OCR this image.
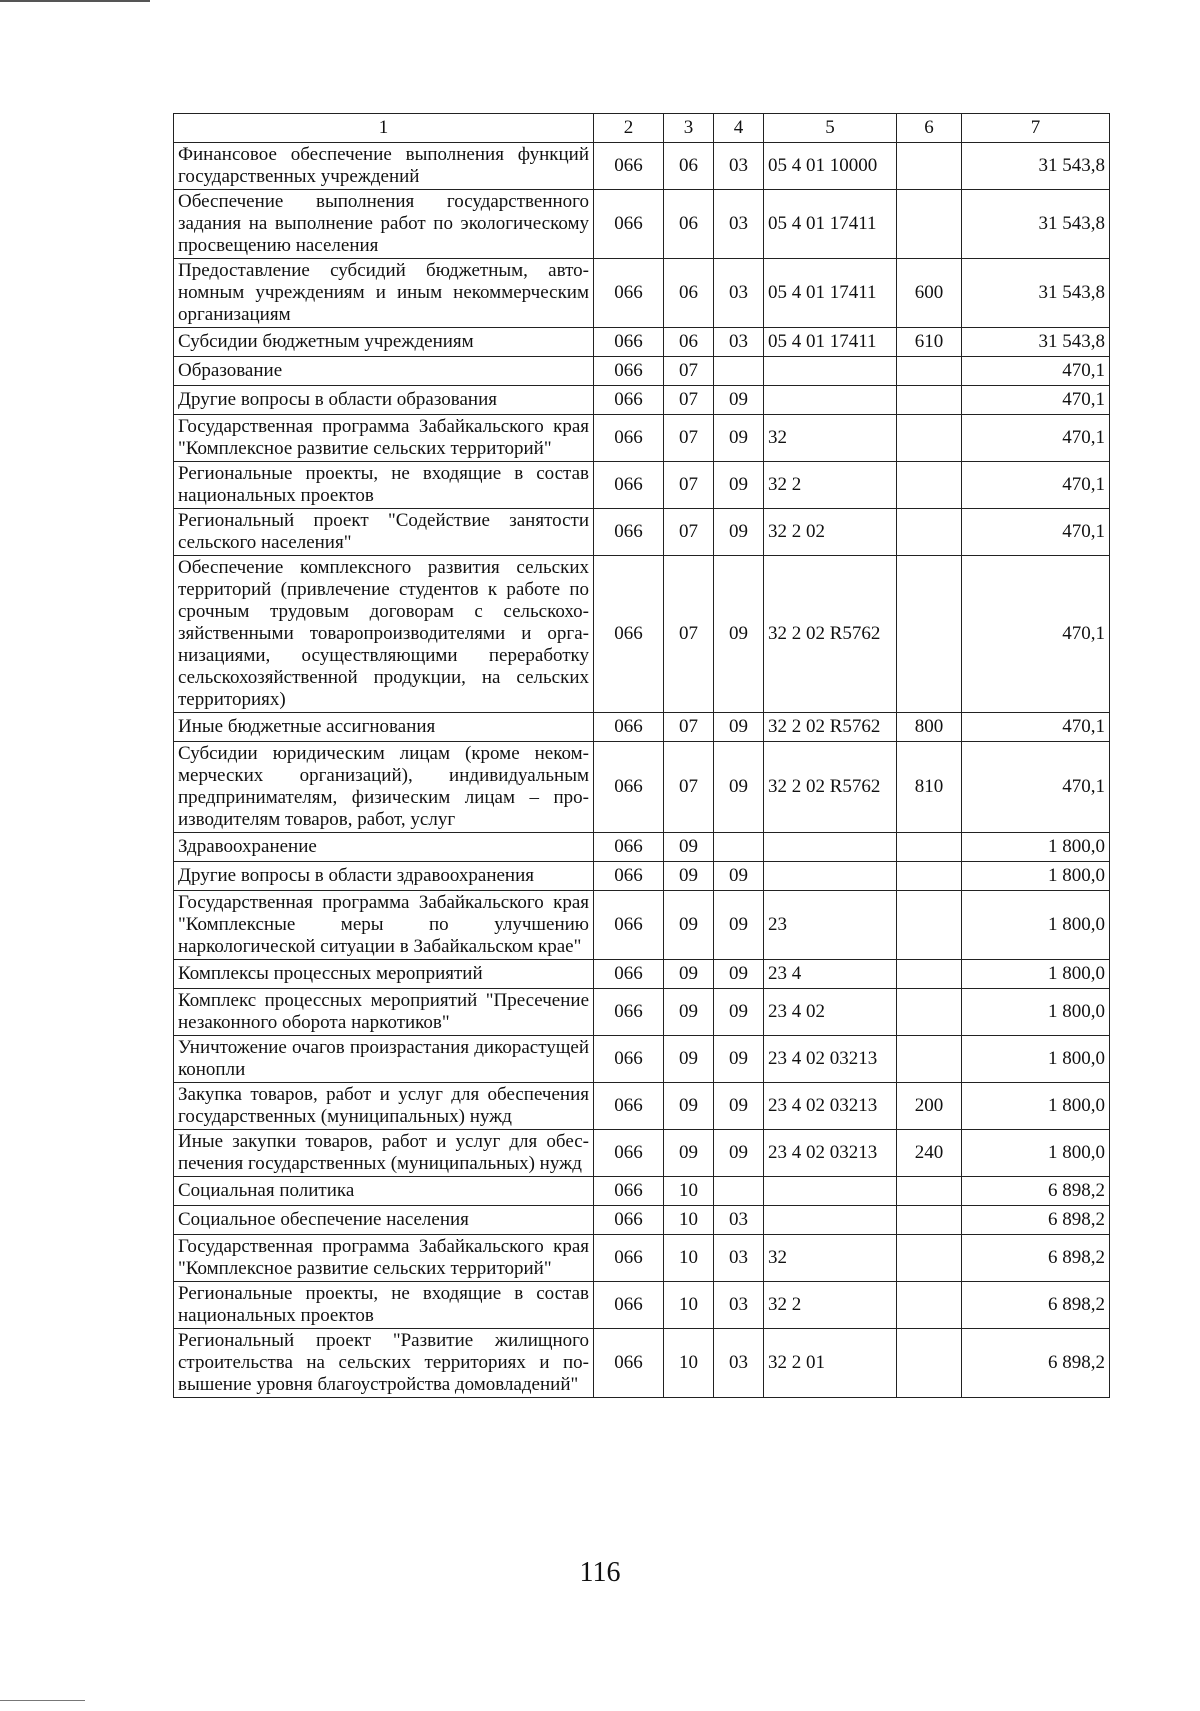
1	2	3	4	5	6	7
Финансовое обеспечение выполнения функций государственных учреждений	066	06	03	05 4 01 10000		31 543,8
Обеспечение выполнения государственного задания на выполнение работ по экологическому просвещению населения	066	06	03	05 4 01 17411		31 543,8
Предоставление субсидий бюджетным, автономным учреждениям и иным некоммерческим организациям	066	06	03	05 4 01 17411	600	31 543,8
Субсидии бюджетным учреждениям	066	06	03	05 4 01 17411	610	31 543,8
Образование	066	07				470,1
Другие вопросы в области образования	066	07	09			470,1
Государственная программа Забайкальского края "Комплексное развитие сельских территорий"	066	07	09	32		470,1
Региональные проекты, не входящие в состав национальных проектов	066	07	09	32 2		470,1
Региональный проект "Содействие занятости сельского населения"	066	07	09	32 2 02		470,1
Обеспечение комплексного развития сельских территорий (привлечение студентов к работе по срочным трудовым договорам с сельскохозяйственными товаропроизводителями и организациями, осуществляющими переработку сельскохозяйственной продукции, на сельских территориях)	066	07	09	32 2 02 R5762		470,1
Иные бюджетные ассигнования	066	07	09	32 2 02 R5762	800	470,1
Субсидии юридическим лицам (кроме некоммерческих организаций), индивидуальным предпринимателям, физическим лицам – производителям товаров, работ, услуг	066	07	09	32 2 02 R5762	810	470,1
Здравоохранение	066	09				1 800,0
Другие вопросы в области здравоохранения	066	09	09			1 800,0
Государственная программа Забайкальского края "Комплексные меры по улучшению наркологической ситуации в Забайкальском крае"	066	09	09	23		1 800,0
Комплексы процессных мероприятий	066	09	09	23 4		1 800,0
Комплекс процессных мероприятий "Пресечение незаконного оборота наркотиков"	066	09	09	23 4 02		1 800,0
Уничтожение очагов произрастания дикорастущей конопли	066	09	09	23 4 02 03213		1 800,0
Закупка товаров, работ и услуг для обеспечения государственных (муниципальных) нужд	066	09	09	23 4 02 03213	200	1 800,0
Иные закупки товаров, работ и услуг для обеспечения государственных (муниципальных) нужд	066	09	09	23 4 02 03213	240	1 800,0
Социальная политика	066	10				6 898,2
Социальное обеспечение населения	066	10	03			6 898,2
Государственная программа Забайкальского края "Комплексное развитие сельских территорий"	066	10	03	32		6 898,2
Региональные проекты, не входящие в состав национальных проектов	066	10	03	32 2		6 898,2
Региональный проект "Развитие жилищного строительства на сельских территориях и повышение уровня благоустройства домовладений"	066	10	03	32 2 01		6 898,2
116
